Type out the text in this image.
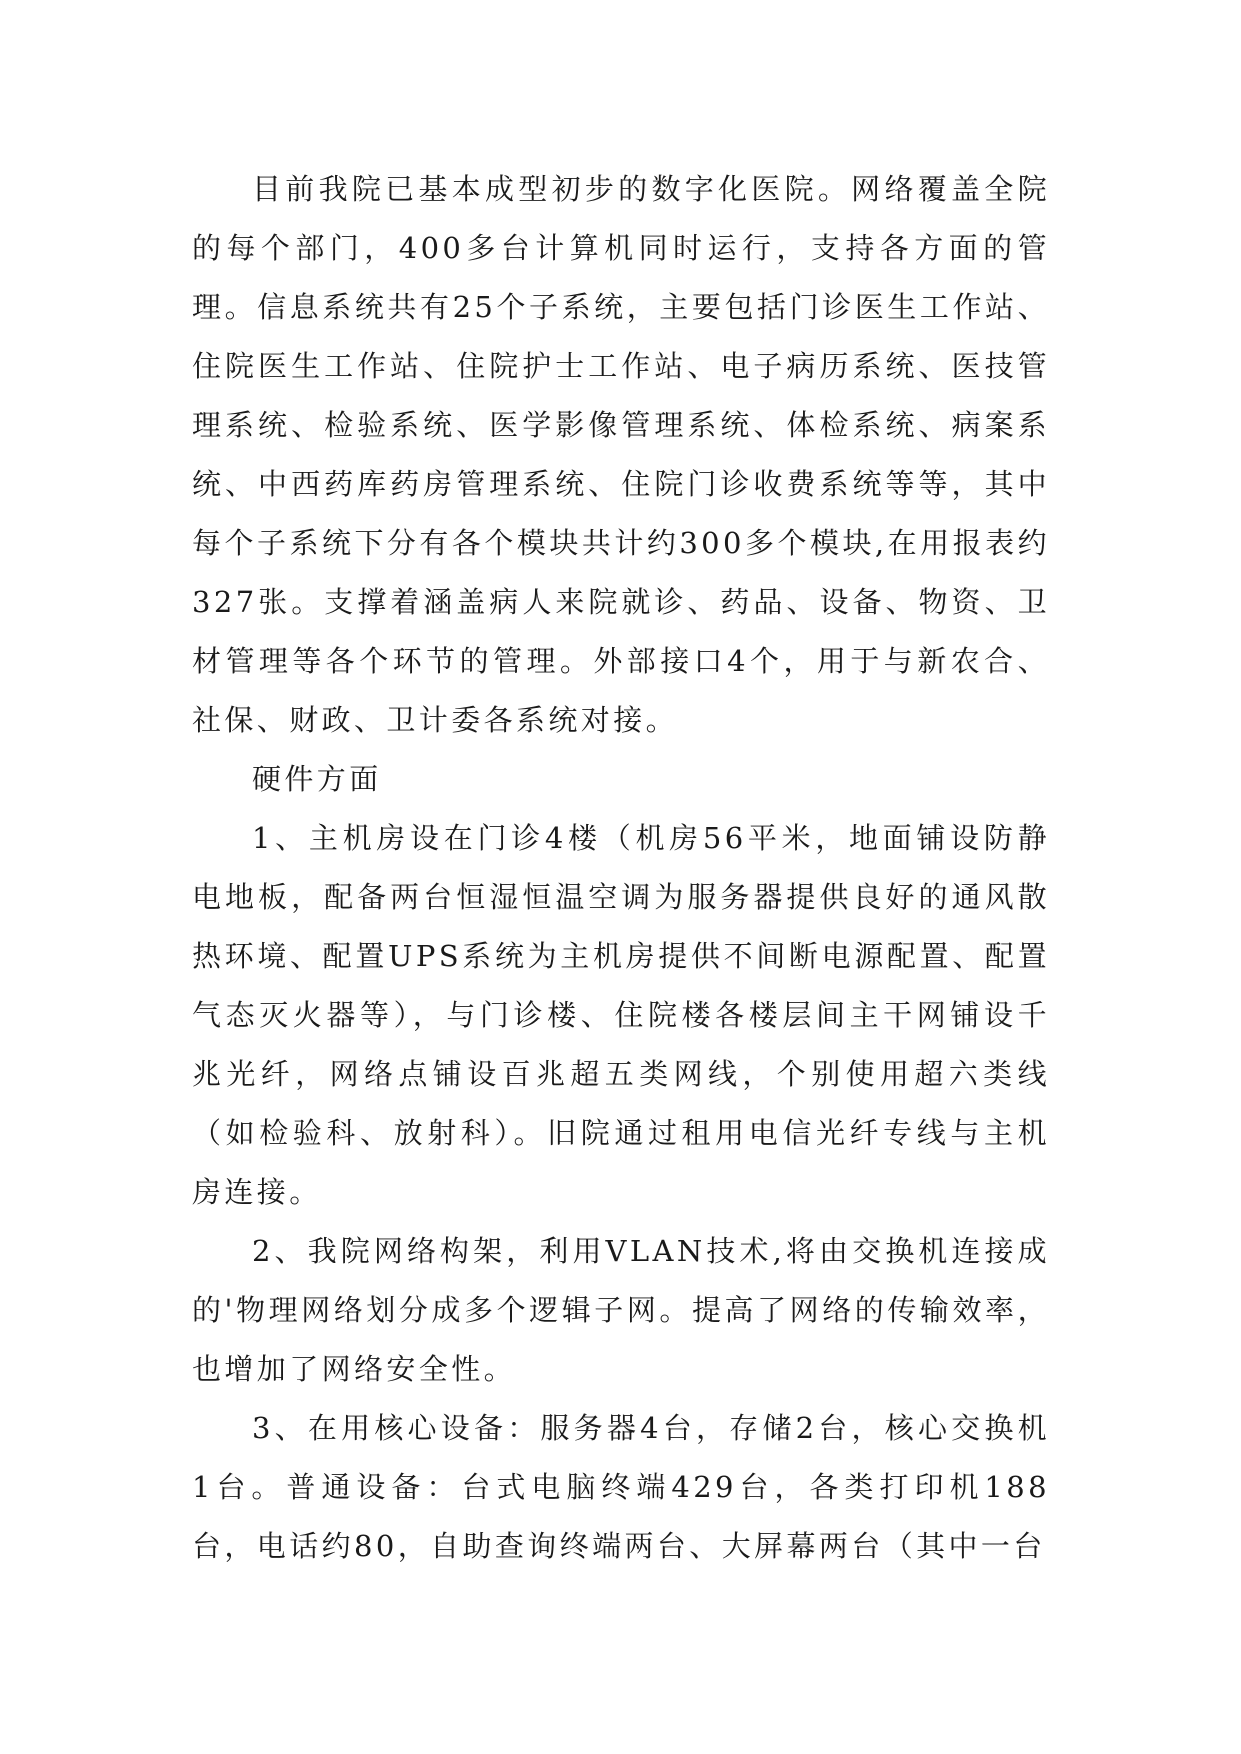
目前我院已基本成型初步的数字化医院。网络覆盖全院的每个部门，400多台计算机同时运行，支持各方面的管理。信息系统共有25个子系统，主要包括门诊医生工作站、住院医生工作站、住院护士工作站、电子病历系统、医技管理系统、检验系统、医学影像管理系统、体检系统、病案系统、中西药库药房管理系统、住院门诊收费系统等等，其中每个子系统下分有各个模块共计约300多个模块,在用报表约327张。支撑着涵盖病人来院就诊、药品、设备、物资、卫材管理等各个环节的管理。外部接口4个，用于与新农合、社保、财政、卫计委各系统对接。

硬件方面

1、主机房设在门诊4楼（机房56平米，地面铺设防静电地板，配备两台恒湿恒温空调为服务器提供良好的通风散热环境、配置UPS系统为主机房提供不间断电源配置、配置气态灭火器等），与门诊楼、住院楼各楼层间主干网铺设千兆光纤，网络点铺设百兆超五类网线，个别使用超六类线（如检验科、放射科）。旧院通过租用电信光纤专线与主机房连接。

2、我院网络构架，利用VLAN技术,将由交换机连接成的'物理网络划分成多个逻辑子网。提高了网络的传输效率，也增加了网络安全性。

3、在用核心设备：服务器4台，存储2台，核心交换机1台。普通设备：台式电脑终端429台，各类打印机188台，电话约80，自助查询终端两台、大屏幕两台（其中一台
